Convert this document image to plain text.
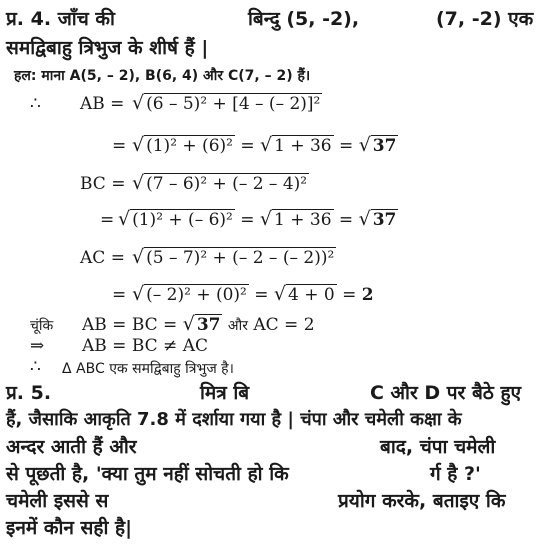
प्र. 4. जाँच की	बिन्दु (5, -2),	(7, -2) एक
समद्विबाहु त्रिभुज के शीर्ष हैं |
हल: माना A(5, – 2), B(6, 4) और C(7, – 2) हैं।
∴ AB = √ (6 – 5)² + [4 – (– 2)]²
= √ (1)² + (6)² = √ 1 + 36 = √ 37
BC = √ (7 – 6)² + (– 2 – 4)²
= √ (1)² + (– 6)² = √ 1 + 36 = √ 37
AC = √ (5 – 7)² + (– 2 – (– 2))²
= √ (– 2)² + (0)² = √ 4 + 0 = 2
चूंकि AB = BC = √ 37 और AC = 2
⇒ AB = BC ≠ AC
∴ Δ ABC एक समद्विबाहु त्रिभुज है।
प्र. 5.	मित्र बि	C और D पर बैठे हुए
हैं, जैसाकि आकृति 7.8 में दर्शाया गया है | चंपा और चमेली कक्षा के
अन्दर आती हैं और	बाद, चंपा चमेली
से पूछती है, 'क्या तुम नहीं सोचती हो कि	र्ग है ?'
चमेली इससे स	प्रयोग करके, बताइए कि
इनमें कौन सही है|
